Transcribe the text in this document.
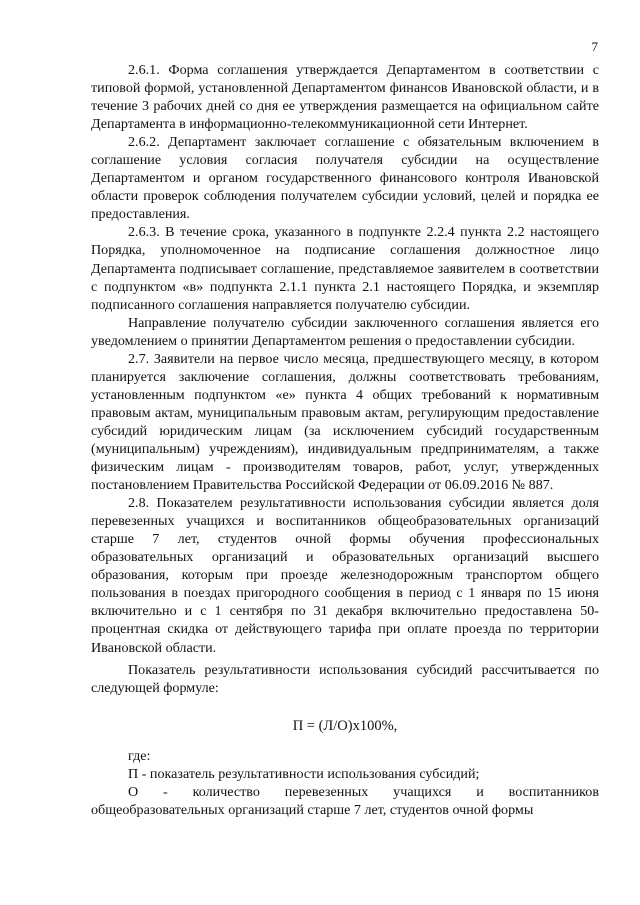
7

2.6.1. Форма соглашения утверждается Департаментом в соответствии с типовой формой, установленной Департаментом финансов Ивановской области, и в течение 3 рабочих дней со дня ее утверждения размещается на официальном сайте Департамента в информационно-телекоммуникационной сети Интернет.

2.6.2. Департамент заключает соглашение с обязательным включением в соглашение условия согласия получателя субсидии на осуществление Департаментом и органом государственного финансового контроля Ивановской области проверок соблюдения получателем субсидии условий, целей и порядка ее предоставления.

2.6.3. В течение срока, указанного в подпункте 2.2.4 пункта 2.2 настоящего Порядка, уполномоченное на подписание соглашения должностное лицо Департамента подписывает соглашение, представляемое заявителем в соответствии с подпунктом «в» подпункта 2.1.1 пункта 2.1 настоящего Порядка, и экземпляр подписанного соглашения направляется получателю субсидии.

Направление получателю субсидии заключенного соглашения является его уведомлением о принятии Департаментом решения о предоставлении субсидии.

2.7. Заявители на первое число месяца, предшествующего месяцу, в котором планируется заключение соглашения, должны соответствовать требованиям, установленным подпунктом «е» пункта 4 общих требований к нормативным правовым актам, муниципальным правовым актам, регулирующим предоставление субсидий юридическим лицам (за исключением субсидий государственным (муниципальным) учреждениям), индивидуальным предпринимателям, а также физическим лицам - производителям товаров, работ, услуг, утвержденных постановлением Правительства Российской Федерации от 06.09.2016 № 887.

2.8. Показателем результативности использования субсидии является доля перевезенных учащихся и воспитанников общеобразовательных организаций старше 7 лет, студентов очной формы обучения профессиональных образовательных организаций и образовательных организаций высшего образования, которым при проезде железнодорожным транспортом общего пользования в поездах пригородного сообщения в период с 1 января по 15 июня включительно и с 1 сентября по 31 декабря включительно предоставлена 50-процентная скидка от действующего тарифа при оплате проезда по территории Ивановской области.

Показатель результативности использования субсидий рассчитывается по следующей формуле:

П = (Л/О)х100%,

где:

П - показатель результативности использования субсидий;

О - количество перевезенных учащихся и воспитанников общеобразовательных организаций старше 7 лет, студентов очной формы
